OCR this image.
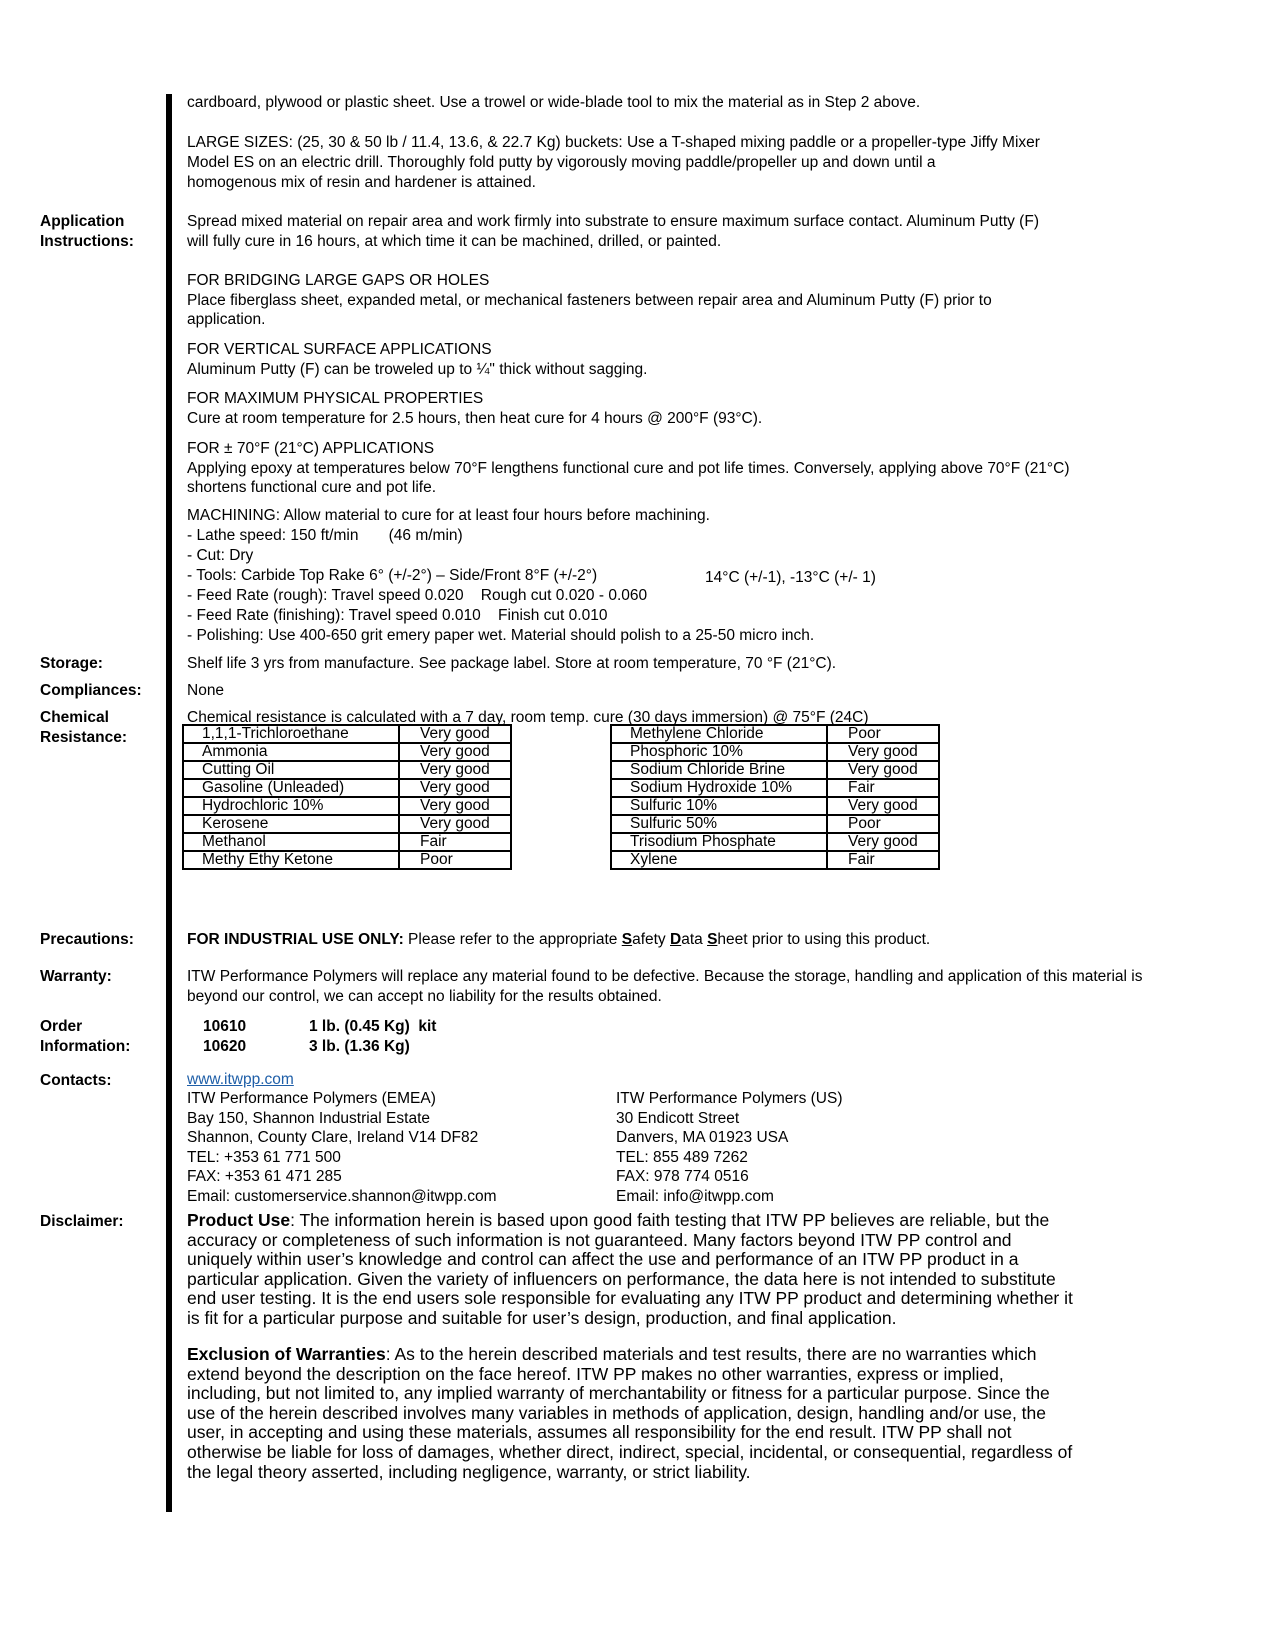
cardboard, plywood or plastic sheet. Use a trowel or wide-blade tool to mix the material as in Step 2 above.
LARGE SIZES: (25, 30 & 50 lb / 11.4, 13.6, & 22.7 Kg) buckets: Use a T-shaped mixing paddle or a propeller-type Jiffy Mixer
Model ES on an electric drill. Thoroughly fold putty by vigorously moving paddle/propeller up and down until a
homogenous mix of resin and hardener is attained.
Application
Instructions:
Spread mixed material on repair area and work firmly into substrate to ensure maximum surface contact. Aluminum Putty (F)
will fully cure in 16 hours, at which time it can be machined, drilled, or painted.
FOR BRIDGING LARGE GAPS OR HOLES
Place fiberglass sheet, expanded metal, or mechanical fasteners between repair area and Aluminum Putty (F) prior to
application.
FOR VERTICAL SURFACE APPLICATIONS
Aluminum Putty (F) can be troweled up to ¼" thick without sagging.
FOR MAXIMUM PHYSICAL PROPERTIES
Cure at room temperature for 2.5 hours, then heat cure for 4 hours @ 200°F (93°C).
FOR ± 70°F (21°C) APPLICATIONS
Applying epoxy at temperatures below 70°F lengthens functional cure and pot life times. Conversely, applying above 70°F (21°C)
shortens functional cure and pot life.
MACHINING: Allow material to cure for at least four hours before machining.
- Lathe speed: 150 ft/min       (46 m/min)
- Cut: Dry
- Tools: Carbide Top Rake 6° (+/-2°) – Side/Front 8°F (+/-2°)
- Feed Rate (rough): Travel speed 0.020    Rough cut 0.020 - 0.060
- Feed Rate (finishing): Travel speed 0.010    Finish cut 0.010
- Polishing: Use 400-650 grit emery paper wet. Material should polish to a 25-50 micro inch.
14°C (+/-1), -13°C (+/- 1)
Storage:	Shelf life 3 yrs from manufacture. See package label. Store at room temperature, 70 °F (21°C).
Compliances:	None
Chemical
Resistance:
Chemical resistance is calculated with a 7 day, room temp. cure (30 days immersion) @ 75°F (24C)
1,1,1-Trichloroethane	Very good
Ammonia	Very good
Cutting Oil	Very good
Gasoline (Unleaded)	Very good
Hydrochloric 10%	Very good
Kerosene	Very good
Methanol	Fair
Methy Ethy Ketone	Poor
Methylene Chloride	Poor
Phosphoric 10%	Very good
Sodium Chloride Brine	Very good
Sodium Hydroxide 10%	Fair
Sulfuric 10%	Very good
Sulfuric 50%	Poor
Trisodium Phosphate	Very good
Xylene	Fair
Precautions:	FOR INDUSTRIAL USE ONLY: Please refer to the appropriate Safety Data Sheet prior to using this product.
Warranty:	ITW Performance Polymers will replace any material found to be defective. Because the storage, handling and application of this material is
beyond our control, we can accept no liability for the results obtained.
Order
Information:
10610	1 lb. (0.45 Kg)  kit
10620	3 lb. (1.36 Kg)
Contacts:	www.itwpp.com
ITW Performance Polymers (EMEA)
Bay 150, Shannon Industrial Estate
Shannon, County Clare, Ireland V14 DF82
TEL: +353 61 771 500
FAX: +353 61 471 285
Email: customerservice.shannon@itwpp.com
ITW Performance Polymers (US)
30 Endicott Street
Danvers, MA 01923 USA
TEL: 855 489 7262
FAX: 978 774 0516
Email: info@itwpp.com
Disclaimer:	Product Use: The information herein is based upon good faith testing that ITW PP believes are reliable, but the
accuracy or completeness of such information is not guaranteed. Many factors beyond ITW PP control and
uniquely within user’s knowledge and control can affect the use and performance of an ITW PP product in a
particular application. Given the variety of influencers on performance, the data here is not intended to substitute
end user testing. It is the end users sole responsible for evaluating any ITW PP product and determining whether it
is fit for a particular purpose and suitable for user’s design, production, and final application.
Exclusion of Warranties: As to the herein described materials and test results, there are no warranties which
extend beyond the description on the face hereof. ITW PP makes no other warranties, express or implied,
including, but not limited to, any implied warranty of merchantability or fitness for a particular purpose. Since the
use of the herein described involves many variables in methods of application, design, handling and/or use, the
user, in accepting and using these materials, assumes all responsibility for the end result. ITW PP shall not
otherwise be liable for loss of damages, whether direct, indirect, special, incidental, or consequential, regardless of
the legal theory asserted, including negligence, warranty, or strict liability.
